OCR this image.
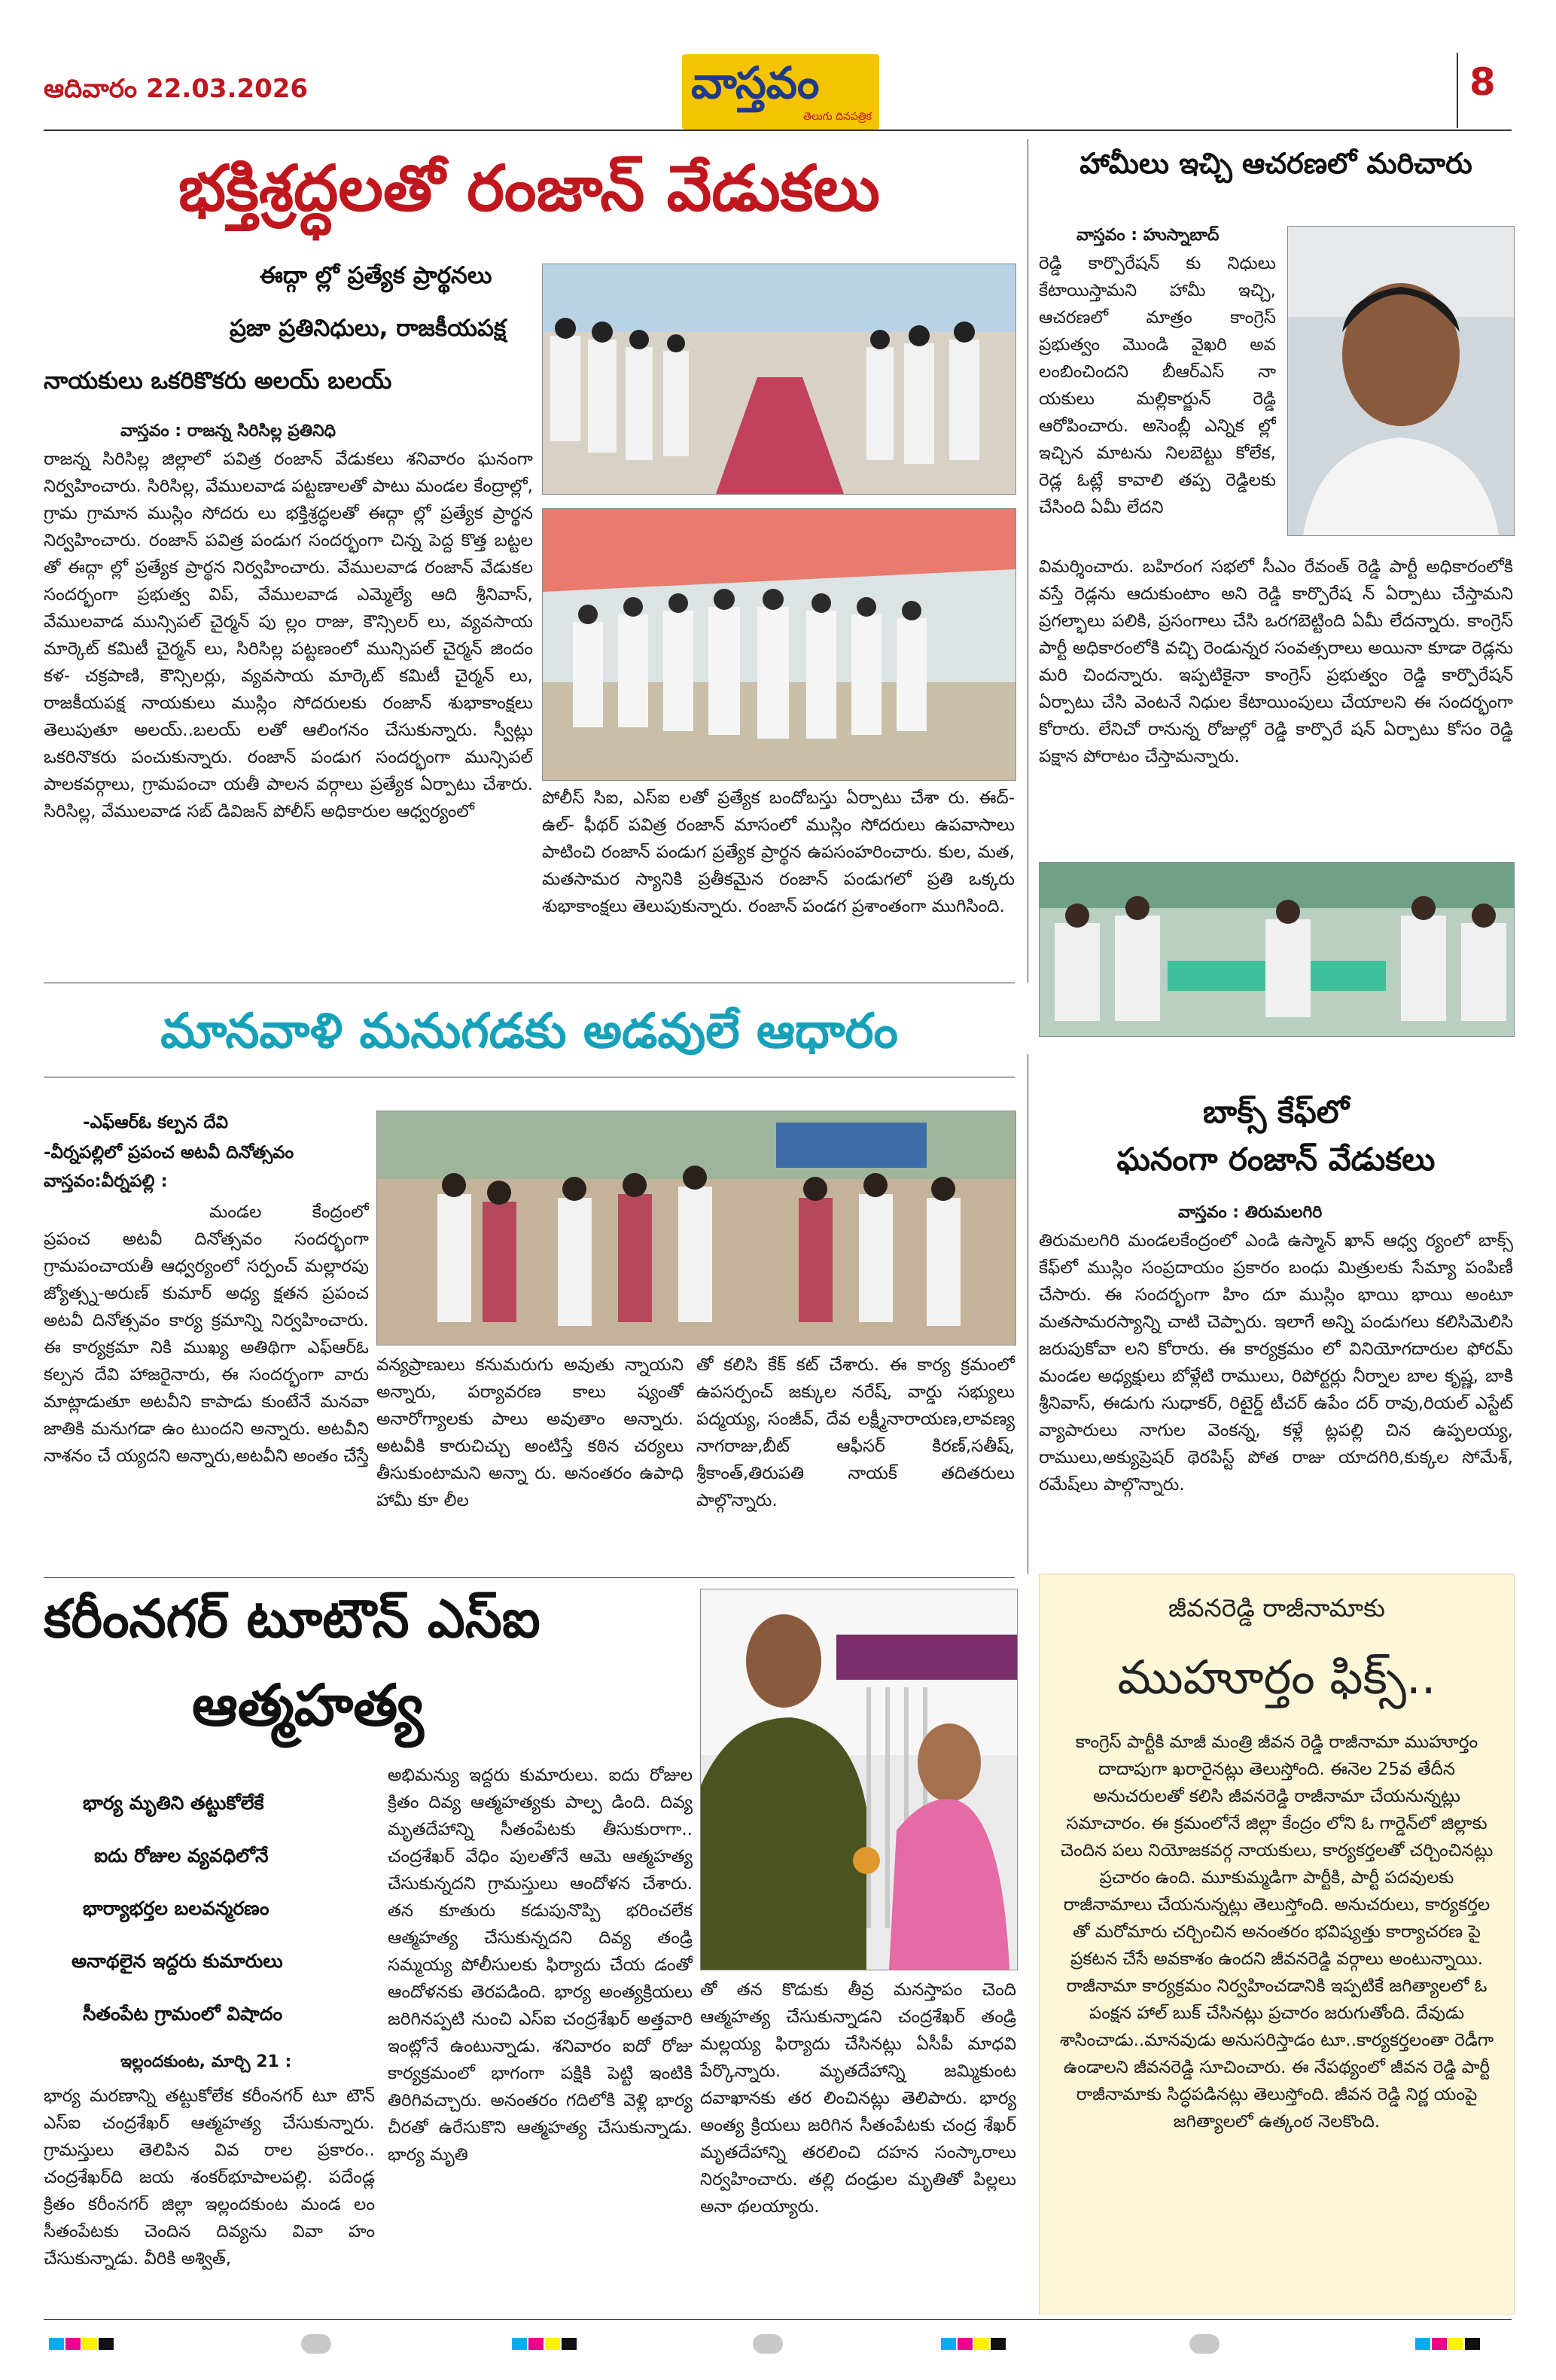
ఆదివారం 22.03.2026	వాస్తవం
తెలుగు దినపత్రిక
8
భక్తిశ్రద్ధలతో రంజాన్ వేడుకలు
ఈద్గా ల్లో ప్రత్యేక ప్రార్థనలు
ప్రజా ప్రతినిధులు, రాజకీయపక్ష
నాయకులు ఒకరికొకరు అలయ్ బలయ్
వాస్తవం : రాజన్న సిరిసిల్ల ప్రతినిధి
రాజన్న సిరిసిల్ల జిల్లాలో పవిత్ర రంజాన్ వేడుకలు శనివారం ఘనంగా నిర్వహించారు. సిరిసిల్ల, వేములవాడ పట్టణాలతో పాటు మండల కేంద్రాల్లో, గ్రామ గ్రామాన ముస్లిం సోదరు లు భక్తిశ్రద్ధలతో ఈద్గా ల్లో ప్రత్యేక ప్రార్థన నిర్వహించారు. రంజాన్ పవిత్ర పండుగ సందర్భంగా చిన్న పెద్ద కొత్త బట్టల తో ఈద్గా ల్లో ప్రత్యేక ప్రార్థన నిర్వహించారు. వేములవాడ రంజాన్ వేడుకల సందర్భంగా ప్రభుత్వ విప్, వేములవాడ ఎమ్మెల్యే ఆది శ్రీనివాస్, వేములవాడ మున్సిపల్ చైర్మన్ పు ల్లం రాజు, కౌన్సిలర్ లు, వ్యవసాయ మార్కెట్ కమిటీ చైర్మన్ లు, సిరిసిల్ల పట్టణంలో మున్సిపల్ చైర్మన్ జిందం కళ- చక్రపాణి, కౌన్సిలర్లు, వ్యవసాయ మార్కెట్ కమిటీ చైర్మన్ లు, రాజకీయపక్ష నాయకులు ముస్లిం సోదరులకు రంజాన్ శుభాకాంక్షలు తెలుపుతూ అలయ్..బలయ్ లతో ఆలింగనం చేసుకున్నారు. స్వీట్లు ఒకరినొకరు పంచుకున్నారు. రంజాన్ పండుగ సందర్భంగా మున్సిపల్ పాలకవర్గాలు, గ్రామపంచా యతీ పాలన వర్గాలు ప్రత్యేక ఏర్పాటు చేశారు. సిరిసిల్ల, వేములవాడ సబ్ డివిజన్ పోలీస్ అధికారుల ఆధ్వర్యంలో
పోలీస్ సిఐ, ఎస్ఐ లతో ప్రత్యేక బందోబస్తు ఏర్పాటు చేశా రు. ఈద్- ఉల్- ఫీథర్ పవిత్ర రంజాన్ మాసంలో ముస్లిం సోదరులు ఉపవాసాలు పాటించి రంజాన్ పండుగ ప్రత్యేక ప్రార్థన ఉపసంహరించారు. కుల, మత, మతసామర స్యానికి ప్రతీకమైన రంజాన్ పండుగలో ప్రతి ఒక్కరు శుభాకాంక్షలు తెలుపుకున్నారు. రంజాన్ పండగ ప్రశాంతంగా ముగిసింది.
హామీలు ఇచ్చి ఆచరణలో మరిచారు
వాస్తవం : హుస్నాబాద్
రెడ్డి కార్పొరేషన్ కు నిధులు కేటాయిస్తామని హామీ ఇచ్చి, ఆచరణలో మాత్రం కాంగ్రెస్ ప్రభుత్వం మొండి వైఖరి అవ లంబించిందని బీఆర్ఎస్ నా యకులు మల్లికార్జున్ రెడ్డి ఆరోపించారు. అసెంబ్లీ ఎన్నిక ల్లో ఇచ్చిన మాటను నిలబెట్టు కోలేక, రెడ్ల ఓట్లే కావాలి తప్ప రెడ్డిలకు చేసింది ఏమీ లేదని
విమర్శించారు. బహిరంగ సభలో సీఎం రేవంత్ రెడ్డి పార్టీ అధికారంలోకి వస్తే రెడ్లను ఆదుకుంటాం అని రెడ్డి కార్పొరేష న్ ఏర్పాటు చేస్తామని ప్రగల్భాలు పలికి, ప్రసంగాలు చేసి ఒరగబెట్టింది ఏమీ లేదన్నారు. కాంగ్రెస్ పార్టీ అధికారంలోకి వచ్చి రెండున్నర సంవత్సరాలు అయినా కూడా రెడ్లను మరి చిందన్నారు. ఇప్పటికైనా కాంగ్రెస్ ప్రభుత్వం రెడ్డి కార్పొరేషన్ ఏర్పాటు చేసి వెంటనే నిధుల కేటాయింపులు చేయాలని ఈ సందర్భంగా కోరారు. లేనిచో రానున్న రోజుల్లో రెడ్డి కార్పొరే షన్ ఏర్పాటు కోసం రెడ్డి పక్షాన పోరాటం చేస్తామన్నారు.
బాక్స్ కేఫ్‌లో
ఘనంగా రంజాన్ వేడుకలు
వాస్తవం : తిరుమలగిరి
తిరుమలగిరి మండలకేంద్రంలో ఎండి ఉస్మాన్ ఖాన్ ఆధ్వ ర్యంలో బాక్స్ కేఫ్‌లో ముస్లిం సంప్రదాయం ప్రకారం బంధు మిత్రులకు సేమ్యా పంపిణీ చేసారు. ఈ సందర్భంగా హిం దూ ముస్లిం భాయి భాయి అంటూ మతసామరస్యాన్ని చాటి చెప్పారు. ఇలాగే అన్ని పండుగలు కలిసిమెలిసి జరుపుకోవా లని కోరారు. ఈ కార్యక్రమం లో వినియోగదారుల ఫోరమ్ మండల అధ్యక్షులు బోళ్లేటి రాములు, రిపోర్టర్లు నీర్నాల బాల కృష్ణ, బాకి శ్రీనివాస్, ఈడుగు సుధాకర్, రిటైర్డ్ టీచర్ ఉపేం దర్ రావు,రియల్ ఎస్టేట్ వ్యాపారులు నాగుల వెంకన్న, కళ్లే ట్లపల్లి చిన ఉప్పలయ్య, రాములు,అక్యుప్రెషర్ థెరపిస్ట్ పోత రాజు యాదగిరి,కుక్కల సోమేశ్, రమేష్‌లు పాల్గొన్నారు.
మానవాళి మనుగడకు అడవులే ఆధారం
-ఎఫ్ఆర్ఓ కల్పన దేవి
-వీర్నపల్లిలో ప్రపంచ అటవీ దినోత్సవం
వాస్తవం:వీర్నపల్లి :
మండల కేంద్రంలో ప్రపంచ అటవీ దినోత్సవం సందర్భంగా గ్రామపంచాయతీ ఆధ్వర్యంలో సర్పంచ్ మల్లారపు జ్యోత్స్న-అరుణ్ కుమార్ అధ్య క్షతన ప్రపంచ అటవీ దినోత్సవం కార్య క్రమాన్ని నిర్వహించారు. ఈ కార్యక్రమా నికి ముఖ్య అతిథిగా ఎఫ్ఆర్ఓ కల్పన దేవి హాజరైనారు, ఈ సందర్భంగా వారు మాట్లాడుతూ అటవీని కాపాడు కుంటేనే మనవా జాతికి మనుగడా ఉం టుందని అన్నారు. అటవీని నాశనం చే య్యదని అన్నారు,అటవీని అంతం చేస్తే
వన్యప్రాణులు కనుమరుగు అవుతు న్నాయని అన్నారు, పర్యావరణ కాలు ష్యంతో అనారోగ్యాలకు పాలు అవుతాం అన్నారు. అటవీకి కారుచిచ్చు అంటిస్తే కఠిన చర్యలు తీసుకుంటామని అన్నా రు. అనంతరం ఉపాధి హామీ కూ లీల
తో కలిసి కేక్ కట్ చేశారు. ఈ కార్య క్రమంలో ఉపసర్పంచ్ జక్కుల నరేష్, వార్డు సభ్యులు పద్మయ్య, సంజీవ్, దేవ లక్ష్మీనారాయణ,లావణ్య నాగరాజు,బీట్ ఆఫీసర్ కిరణ్,సతీష్, శ్రీకాంత్,తిరుపతి నాయక్ తదితరులు పాల్గొన్నారు.
కరీంనగర్ టూటౌన్ ఎస్ఐ
ఆత్మహత్య
భార్య మృతిని తట్టుకోలేకే
ఐదు రోజుల వ్యవధిలోనే
భార్యాభర్తల బలవన్మరణం
అనాథలైన ఇద్దరు కుమారులు
సీతంపేట గ్రామంలో విషాదం
ఇల్లందకుంట, మార్చి 21 :
భార్య మరణాన్ని తట్టుకోలేక కరీంనగర్ టూ టౌన్ ఎస్ఐ చంద్రశేఖర్ ఆత్మహత్య చేసుకున్నారు. గ్రామస్తులు తెలిపిన వివ రాల ప్రకారం.. చంద్రశేఖర్‌ది జయ శంకర్‌భూపాలపల్లి. పదేండ్ల క్రితం కరీంనగర్ జిల్లా ఇల్లందకుంట మండ లం సీతంపేటకు చెందిన దివ్యను వివా హం చేసుకున్నాడు. వీరికి అశ్విత్,
అభిమన్యు ఇద్దరు కుమారులు. ఐదు రోజుల క్రితం దివ్య ఆత్మహత్యకు పాల్ప డింది. దివ్య మృతదేహాన్ని సీతంపేటకు తీసుకురాగా.. చంద్రశేఖర్ వేధిం పులతోనే ఆమె ఆత్మహత్య చేసుకున్నదని గ్రామస్తులు ఆందోళన చేశారు. తన కూతురు కడుపునొప్పి భరించలేక ఆత్మహత్య చేసుకున్నదని దివ్య తండ్రి సమ్మయ్య పోలీసులకు ఫిర్యాదు చేయ డంతో ఆందోళనకు తెరపడింది. భార్య అంత్యక్రియలు జరిగినప్పటి నుంచి ఎస్ఐ చంద్రశేఖర్ అత్తవారి ఇంట్లోనే ఉంటున్నాడు. శనివారం ఐదో రోజు కార్యక్రమంలో భాగంగా పక్షికి పెట్టి ఇంటికి తిరిగివచ్చారు. అనంతరం గదిలోకి వెళ్లి భార్య చీరతో ఉరేసుకొని ఆత్మహత్య చేసుకున్నాడు. భార్య మృతి
తో తన కొడుకు తీవ్ర మనస్తాపం చెంది ఆత్మహత్య చేసుకున్నాడని చంద్రశేఖర్ తండ్రి మల్లయ్య ఫిర్యాదు చేసినట్లు ఏసీపీ మాధవి పేర్కొన్నారు. మృతదేహాన్ని జమ్మికుంట దవాఖానకు తర లించినట్లు తెలిపారు. భార్య అంత్య క్రియలు జరిగిన సీతంపేటకు చంద్ర శేఖర్ మృతదేహాన్ని తరలించి దహన సంస్కారాలు నిర్వహించారు. తల్లి దండ్రుల మృతితో పిల్లలు అనా థలయ్యారు.
జీవనరెడ్డి రాజీనామాకు
ముహూర్తం ఫిక్స్..
కాంగ్రెస్ పార్టీకి మాజీ మంత్రి జీవన రెడ్డి రాజీనామా ముహూర్తం దాదాపుగా ఖరారైనట్లు తెలుస్తోంది. ఈనెల 25వ తేదీన అనుచరులతో కలిసి జీవనరెడ్డి రాజీనామా చేయనున్నట్లు సమాచారం. ఈ క్రమంలోనే జిల్లా కేంద్రం లోని ఓ గార్డెన్‌లో జిల్లాకు చెందిన పలు నియోజకవర్గ నాయకులు, కార్యకర్తలతో చర్చించినట్లు ప్రచారం ఉంది. మూకుమ్మడిగా పార్టీకి, పార్టీ పదవులకు రాజీనామాలు చేయనున్నట్లు తెలుస్తోంది. అనుచరులు, కార్యకర్తల తో మరోమారు చర్చించిన అనంతరం భవిష్యత్తు కార్యాచరణ పై ప్రకటన చేసే అవకాశం ఉందని జీవనరెడ్డి వర్గాలు అంటున్నాయి. రాజీనామా కార్యక్రమం నిర్వహించడానికి ఇప్పటికే జగిత్యాలలో ఓ పంక్షన హాల్ బుక్ చేసినట్లు ప్రచారం జరుగుతోంది. దేవుడు శాసించాడు..మానవుడు అనుసరిస్తాడం టూ..కార్యకర్తలంతా రెడీగా ఉండాలని జీవనరెడ్డి సూచించారు. ఈ నేపథ్యంలో జీవన రెడ్డి పార్టీ రాజీనామాకు సిద్ధపడినట్లు తెలుస్తోంది. జీవన రెడ్డి నిర్ణ యంపై జగిత్యాలలో ఉత్కంఠ నెలకొంది.
